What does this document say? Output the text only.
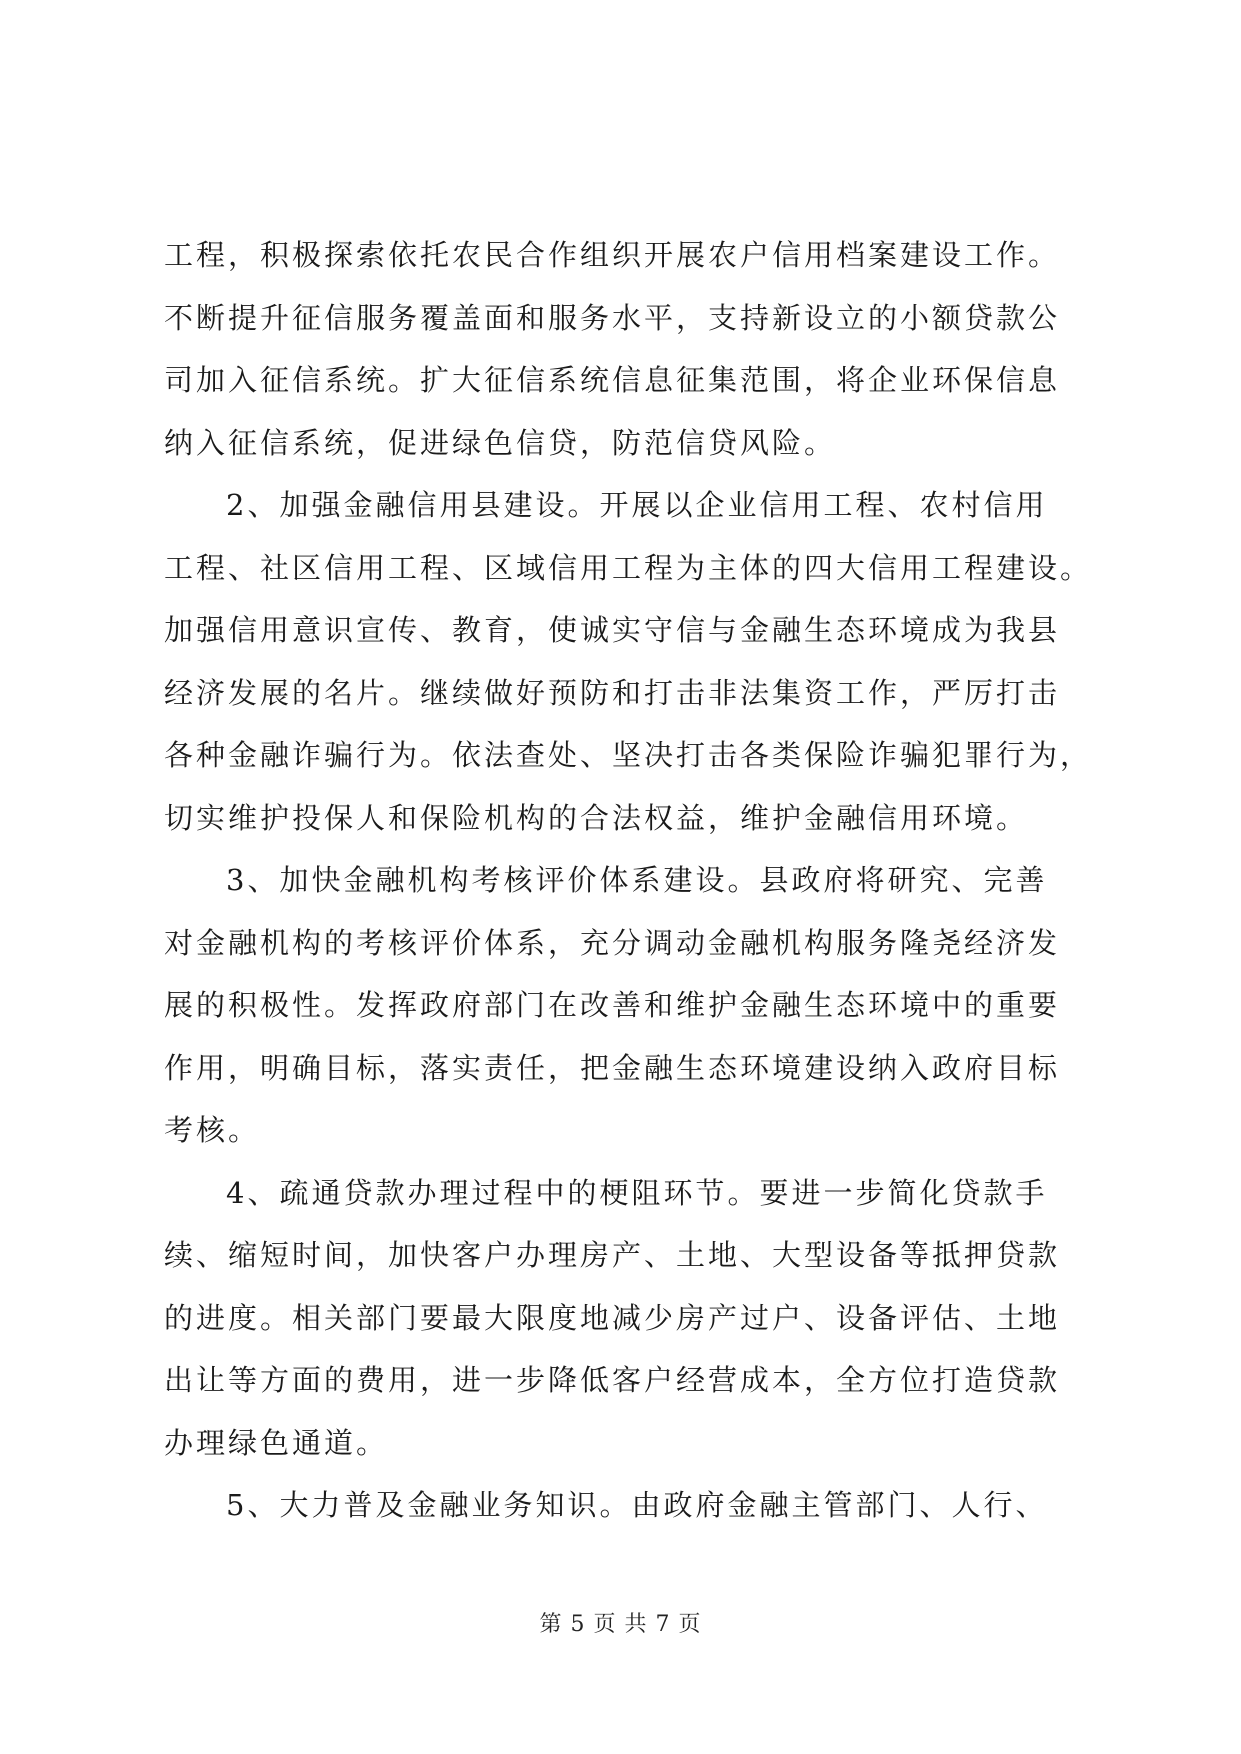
工程，积极探索依托农民合作组织开展农户信用档案建设工作。
不断提升征信服务覆盖面和服务水平，支持新设立的小额贷款公
司加入征信系统。扩大征信系统信息征集范围，将企业环保信息
纳入征信系统，促进绿色信贷，防范信贷风险。
2、加强金融信用县建设。开展以企业信用工程、农村信用
工程、社区信用工程、区域信用工程为主体的四大信用工程建设。
加强信用意识宣传、教育，使诚实守信与金融生态环境成为我县
经济发展的名片。继续做好预防和打击非法集资工作，严厉打击
各种金融诈骗行为。依法查处、坚决打击各类保险诈骗犯罪行为，
切实维护投保人和保险机构的合法权益，维护金融信用环境。
3、加快金融机构考核评价体系建设。县政府将研究、完善
对金融机构的考核评价体系，充分调动金融机构服务隆尧经济发
展的积极性。发挥政府部门在改善和维护金融生态环境中的重要
作用，明确目标，落实责任，把金融生态环境建设纳入政府目标
考核。
4、疏通贷款办理过程中的梗阻环节。要进一步简化贷款手
续、缩短时间，加快客户办理房产、土地、大型设备等抵押贷款
的进度。相关部门要最大限度地减少房产过户、设备评估、土地
出让等方面的费用，进一步降低客户经营成本，全方位打造贷款
办理绿色通道。
5、大力普及金融业务知识。由政府金融主管部门、人行、
第 5 页 共 7 页
